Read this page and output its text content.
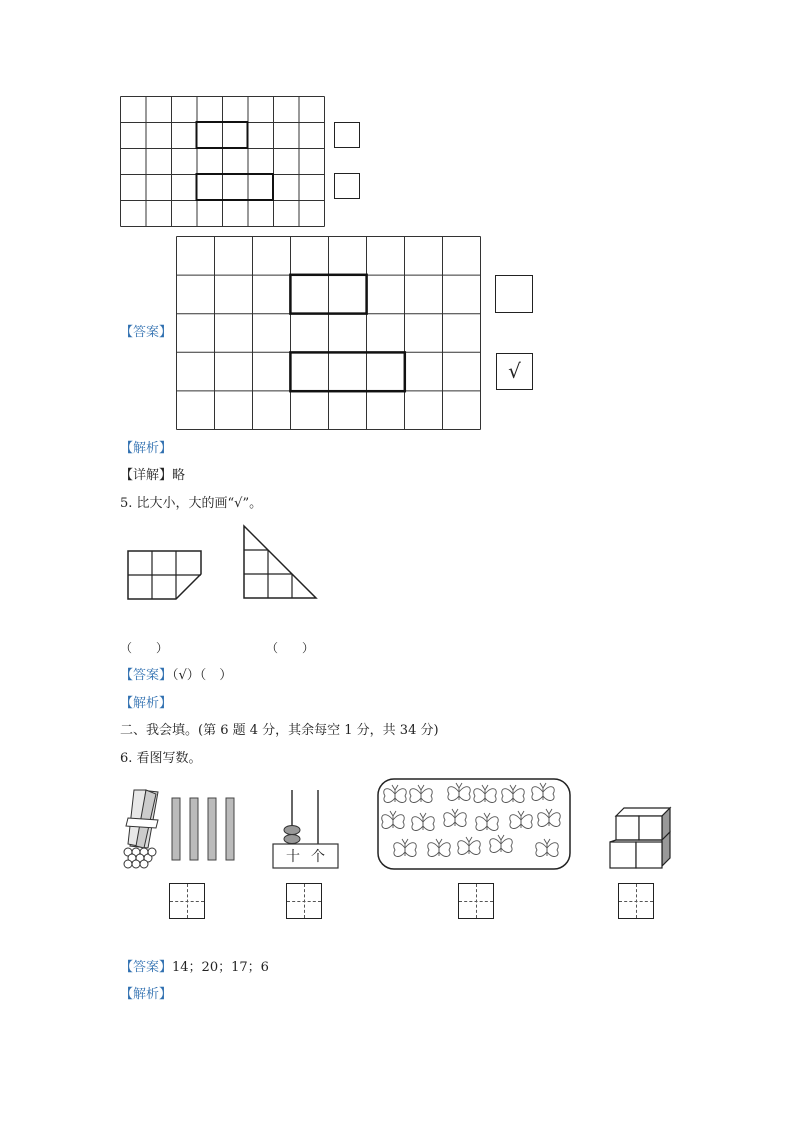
【答案】
√
【解析】
【详解】略
5. 比大小，大的画“√”。
（　　）	（　　）
【答案】（√）（　）
【解析】
二、我会填。(第 6 题 4 分，其余每空 1 分，共 34 分)
6. 看图写数。
十 个
【答案】14；20；17；6
【解析】
